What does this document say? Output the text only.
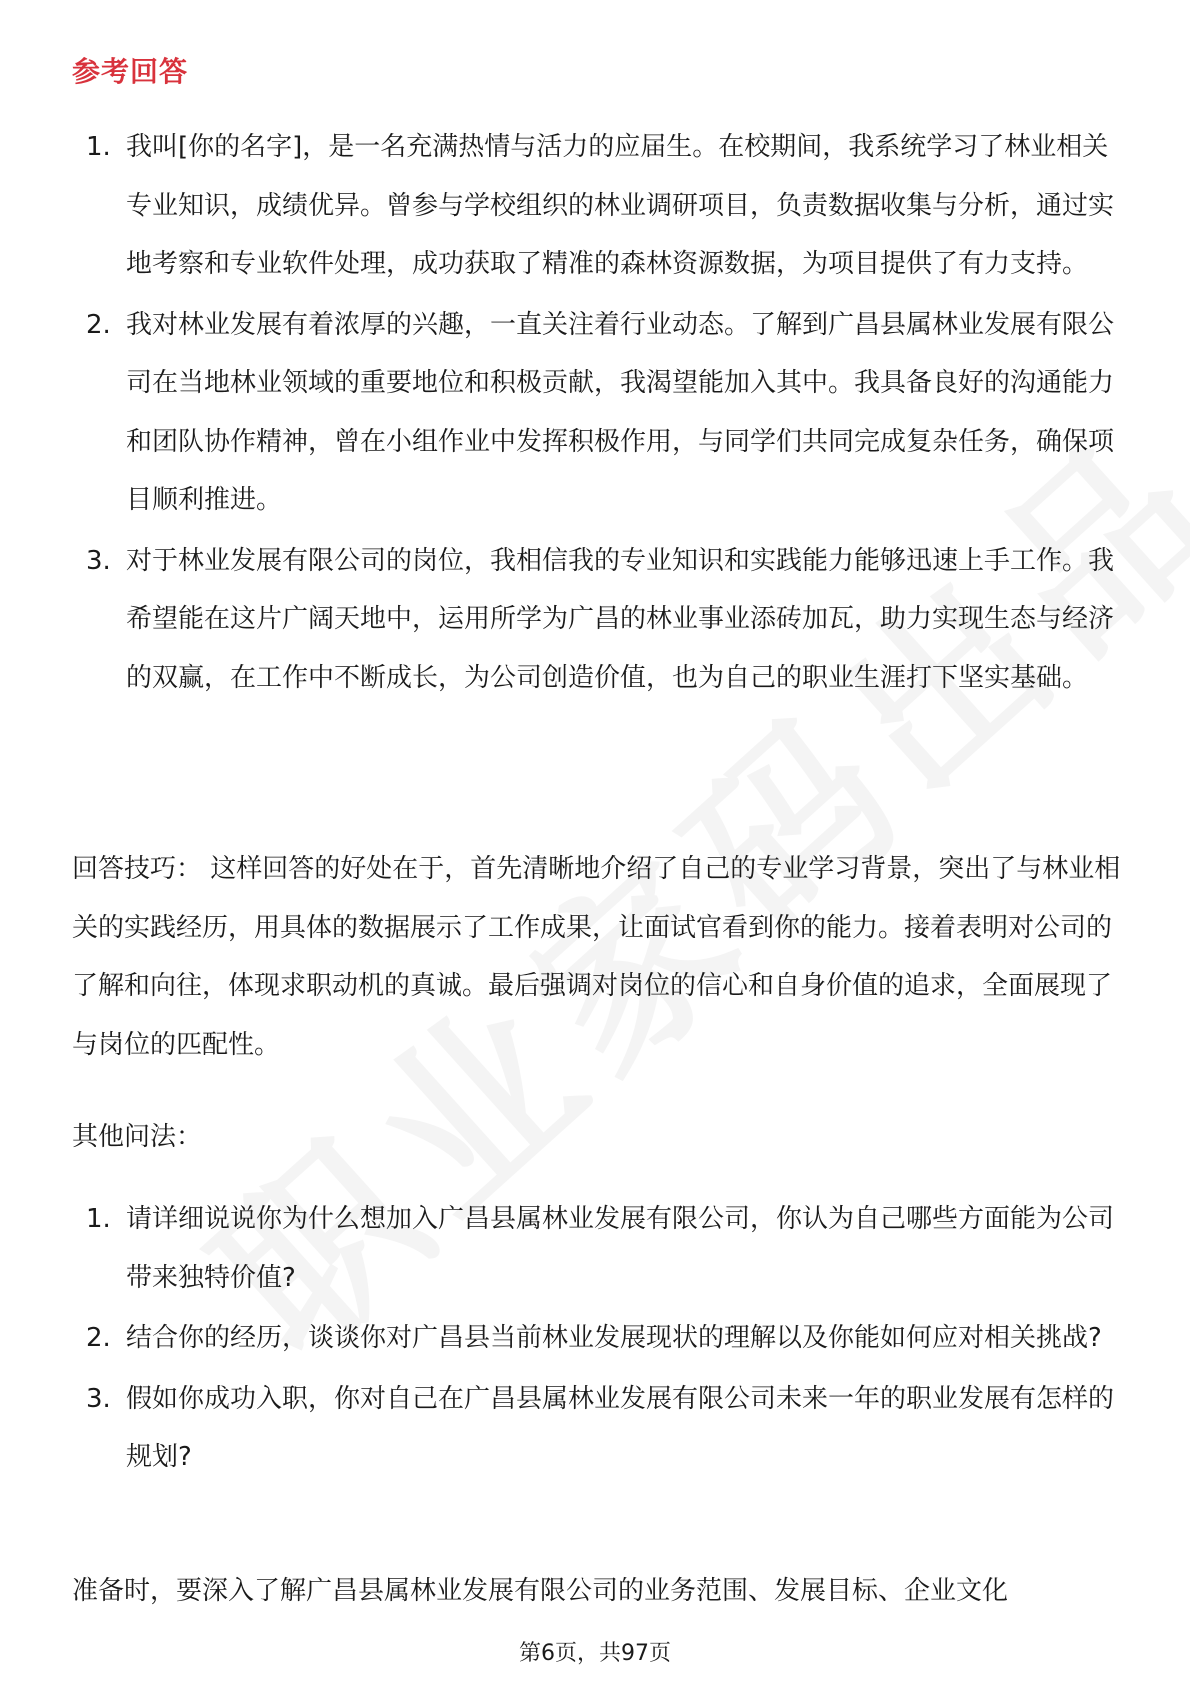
参考回答
1. 我叫[你的名字]，是一名充满热情与活力的应届生。在校期间，我系统学习了林业相关专业知识，成绩优异。曾参与学校组织的林业调研项目，负责数据收集与分析，通过实地考察和专业软件处理，成功获取了精准的森林资源数据，为项目提供了有力支持。
2. 我对林业发展有着浓厚的兴趣，一直关注着行业动态。了解到广昌县属林业发展有限公司在当地林业领域的重要地位和积极贡献，我渴望能加入其中。我具备良好的沟通能力和团队协作精神，曾在小组作业中发挥积极作用，与同学们共同完成复杂任务，确保项目顺利推进。
3. 对于林业发展有限公司的岗位，我相信我的专业知识和实践能力能够迅速上手工作。我希望能在这片广阔天地中，运用所学为广昌的林业事业添砖加瓦，助力实现生态与经济的双赢，在工作中不断成长，为公司创造价值，也为自己的职业生涯打下坚实基础。

回答技巧： 这样回答的好处在于，首先清晰地介绍了自己的专业学习背景，突出了与林业相关的实践经历，用具体的数据展示了工作成果，让面试官看到你的能力。接着表明对公司的了解和向往，体现求职动机的真诚。最后强调对岗位的信心和自身价值的追求，全面展现了与岗位的匹配性。

其他问法：
1. 请详细说说你为什么想加入广昌县属林业发展有限公司，你认为自己哪些方面能为公司带来独特价值?
2. 结合你的经历，谈谈你对广昌县当前林业发展现状的理解以及你能如何应对相关挑战?
3. 假如你成功入职，你对自己在广昌县属林业发展有限公司未来一年的职业发展有怎样的规划?
准备时，要深入了解广昌县属林业发展有限公司的业务范围、发展目标、企业文化
第6页，共97页
